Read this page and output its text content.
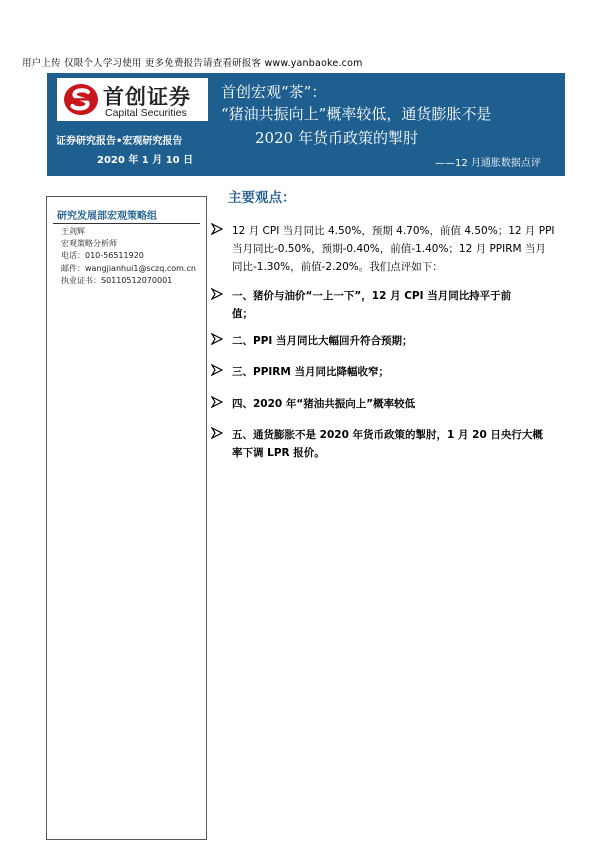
用户上传 仅限个人学习使用 更多免费报告请查看研报客 www.yanbaoke.com
首创证券
Capital Securities
证券研究报告•宏观研究报告
2020 年 1 月 10 日
首创宏观“茶”：
“猪油共振向上”概率较低，通货膨胀不是
2020 年货币政策的掣肘
——12 月通胀数据点评
研究发展部宏观策略组
王剑辉
宏观策略分析师
电话：010-56511920
邮件：wangjianhui1@sczq.com.cn
执业证书：S0110512070001
主要观点：
12 月 CPI 当月同比 4.50%，预期 4.70%，前值 4.50%；12 月 PPI
当月同比-0.50%，预期-0.40%，前值-1.40%；12 月 PPIRM 当月
同比-1.30%，前值-2.20%。我们点评如下：
一、猪价与油价“一上一下”，12 月 CPI 当月同比持平于前
值；
二、PPI 当月同比大幅回升符合预期；
三、PPIRM 当月同比降幅收窄；
四、2020 年“猪油共振向上”概率较低
五、通货膨胀不是 2020 年货币政策的掣肘，1 月 20 日央行大概
率下调 LPR 报价。
